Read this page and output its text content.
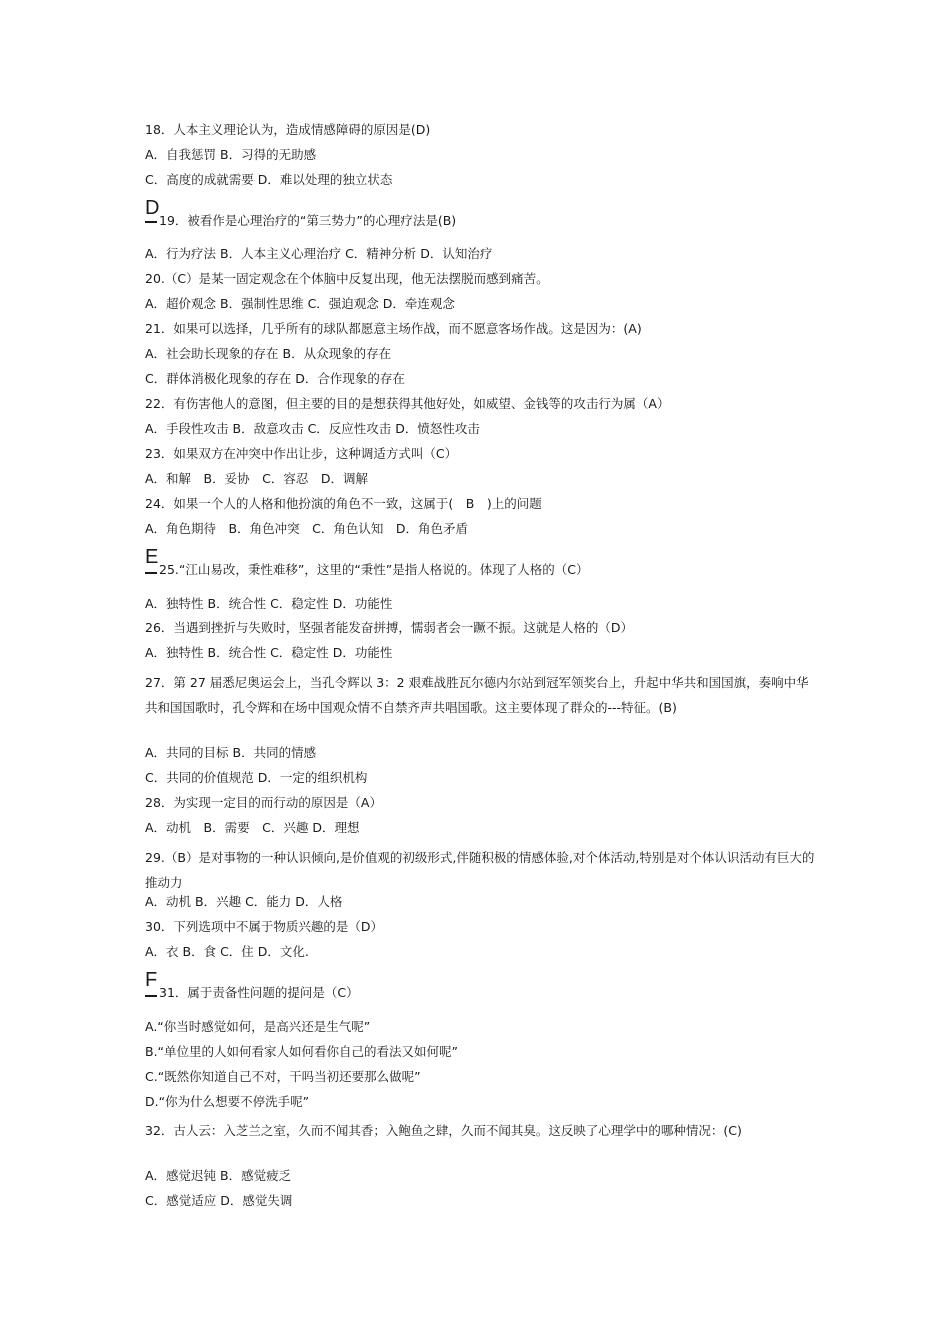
18．人本主义理论认为，造成情感障碍的原因是(D)
A．自我惩罚 B．习得的无助感
C．高度的成就需要 D．难以处理的独立状态
D
19．被看作是心理治疗的“第三势力”的心理疗法是(B)
A．行为疗法 B．人本主义心理治疗 C．精神分析 D．认知治疗
20.（C）是某一固定观念在个体脑中反复出现，他无法摆脱而感到痛苦。
A．超价观念 B．强制性思维 C．强迫观念 D．牵连观念
21．如果可以选择，几乎所有的球队都愿意主场作战，而不愿意客场作战。这是因为：(A)
A．社会助长现象的存在 B．从众现象的存在
C．群体消极化现象的存在 D．合作现象的存在
22．有伤害他人的意图，但主要的目的是想获得其他好处，如威望、金钱等的攻击行为属（A）
A．手段性攻击 B．敌意攻击 C．反应性攻击 D．愤怒性攻击
23．如果双方在冲突中作出让步，这种调适方式叫（C）
A．和解　B．妥协　C．容忍　D．调解
24．如果一个人的人格和他扮演的角色不一致，这属于(　B　)上的问题
A．角色期待　B．角色冲突　C．角色认知　D．角色矛盾
E
25.“江山易改，秉性难移”，这里的“秉性”是指人格说的。体现了人格的（C）
A．独特性 B．统合性 C．稳定性 D．功能性
26．当遇到挫折与失败时，坚强者能发奋拼搏，懦弱者会一蹶不振。这就是人格的（D）
A．独特性 B．统合性 C．稳定性 D．功能性
27．第 27 届悉尼奥运会上，当孔令辉以 3：2 艰难战胜瓦尔德内尔站到冠军领奖台上，升起中华共和国国旗，奏响中华共和国国歌时，孔令辉和在场中国观众情不自禁齐声共唱国歌。这主要体现了群众的---特征。(B)
A．共同的目标 B．共同的情感
C．共同的价值规范 D．一定的组织机构
28．为实现一定目的而行动的原因是（A）
A．动机　B．需要　C．兴趣 D．理想
29.（B）是对事物的一种认识倾向,是价值观的初级形式,伴随积极的情感体验,对个体活动,特别是对个体认识活动有巨大的推动力
A．动机 B．兴趣 C．能力 D．人格
30．下列选项中不属于物质兴趣的是（D）
A．衣 B．食 C．住 D．文化.
F
31．属于责备性问题的提问是（C）
A.“你当时感觉如何，是高兴还是生气呢”
B.“单位里的人如何看家人如何看你自己的看法又如何呢”
C.“既然你知道自己不对，干吗当初还要那么做呢”
D.“你为什么想要不停洗手呢”
32．古人云：入芝兰之室，久而不闻其香；入鲍鱼之肆，久而不闻其臭。这反映了心理学中的哪种情况：(C)
A．感觉迟钝 B．感觉疲乏
C．感觉适应 D．感觉失调
